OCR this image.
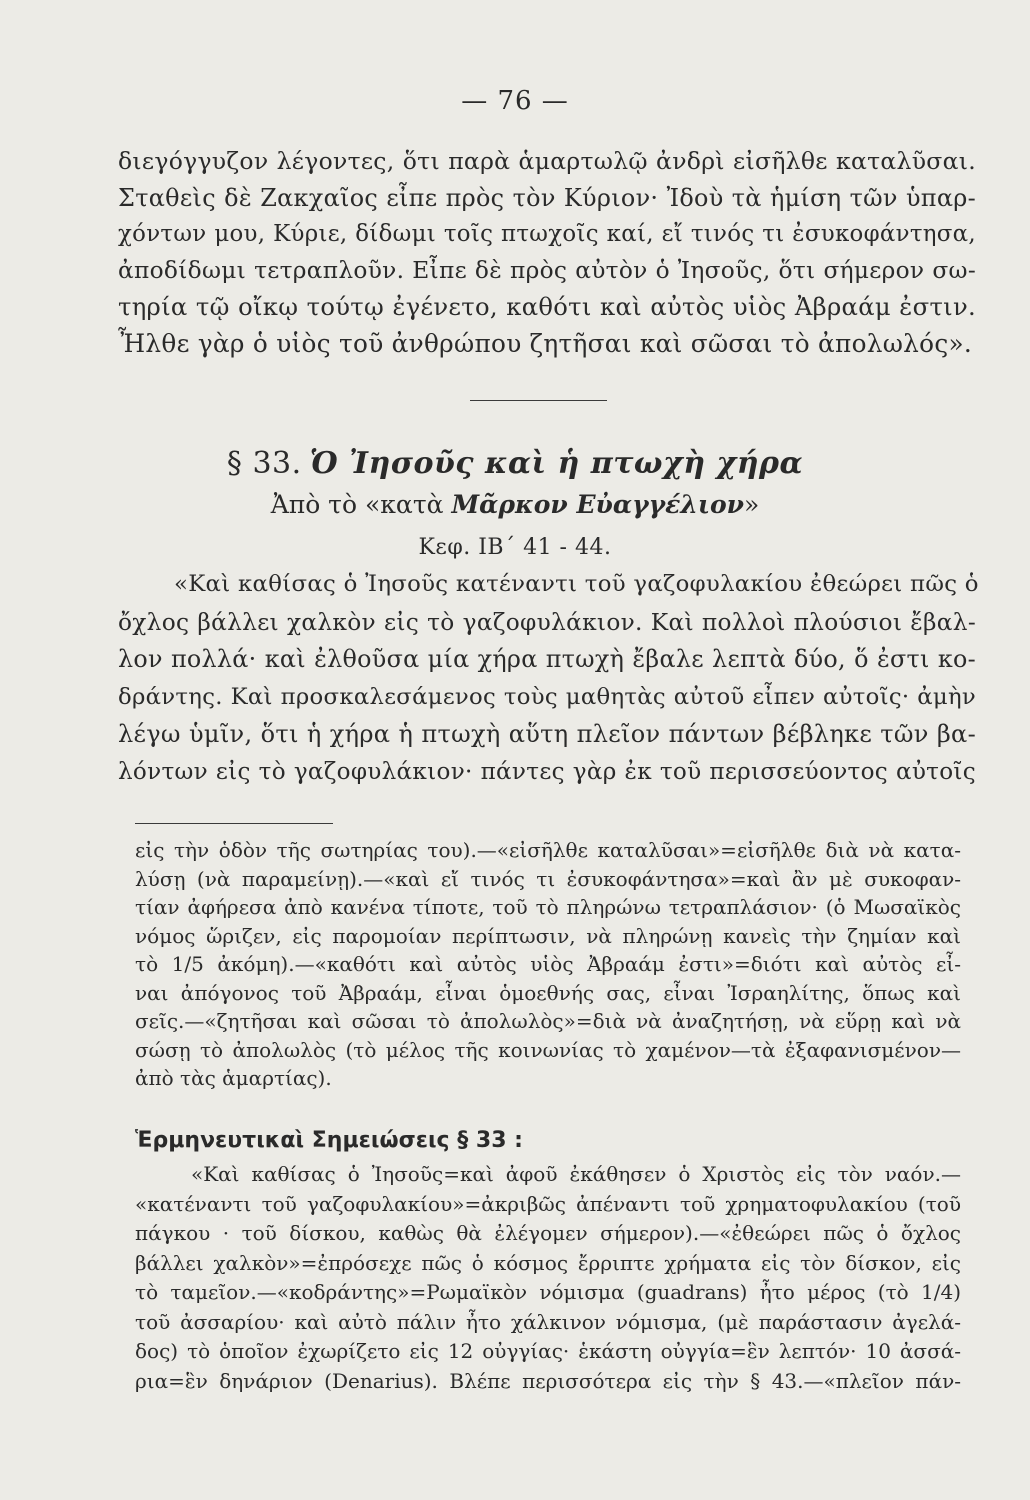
— 76 —
διεγόγγυζον λέγοντες, ὅτι παρὰ ἁμαρτωλῷ ἀνδρὶ εἰσῆλθε καταλῦσαι.
Σταθεὶς δὲ Ζακχαῖος εἶπε πρὸς τὸν Κύριον· Ἰδοὺ τὰ ἡμίση τῶν ὑπαρ-
χόντων μου, Κύριε, δίδωμι τοῖς πτωχοῖς καί, εἴ τινός τι ἐσυκοφάντησα,
ἀποδίδωμι τετραπλοῦν. Εἶπε δὲ πρὸς αὐτὸν ὁ Ἰησοῦς, ὅτι σήμερον σω-
τηρία τῷ οἴκῳ τούτῳ ἐγένετο, καθότι καὶ αὐτὸς υἱὸς Ἀβραάμ ἐστιν.
Ἦλθε γὰρ ὁ υἱὸς τοῦ ἀνθρώπου ζητῆσαι καὶ σῶσαι τὸ ἀπολωλός».
§ 33. Ὁ Ἰησοῦς καὶ ἡ πτωχὴ χήρα
Ἀπὸ τὸ «κατὰ Μᾶρκον Εὐαγγέλιον»
Κεφ. ΙΒ΄ 41 - 44.
«Καὶ καθίσας ὁ Ἰησοῦς κατέναντι τοῦ γαζοφυλακίου ἐθεώρει πῶς ὁ
ὄχλος βάλλει χαλκὸν εἰς τὸ γαζοφυλάκιον. Καὶ πολλοὶ πλούσιοι ἔβαλ-
λον πολλά· καὶ ἐλθοῦσα μία χήρα πτωχὴ ἔβαλε λεπτὰ δύο, ὅ ἐστι κο-
δράντης. Καὶ προσκαλεσάμενος τοὺς μαθητὰς αὐτοῦ εἶπεν αὐτοῖς· ἀμὴν
λέγω ὑμῖν, ὅτι ἡ χήρα ἡ πτωχὴ αὕτη πλεῖον πάντων βέβληκε τῶν βα-
λόντων εἰς τὸ γαζοφυλάκιον· πάντες γὰρ ἐκ τοῦ περισσεύοντος αὐτοῖς
εἰς τὴν ὁδὸν τῆς σωτηρίας του).—«εἰσῆλθε καταλῦσαι»=εἰσῆλθε διὰ νὰ κατα-
λύσῃ (νὰ παραμείνῃ).—«καὶ εἴ τινός τι ἐσυκοφάντησα»=καὶ ἂν μὲ συκοφαν-
τίαν ἀφήρεσα ἀπὸ κανένα τίποτε, τοῦ τὸ πληρώνω τετραπλάσιον· (ὁ Μωσαϊκὸς
νόμος ὥριζεν, εἰς παρομοίαν περίπτωσιν, νὰ πληρώνῃ κανεὶς τὴν ζημίαν καὶ
τὸ 1/5 ἀκόμη).—«καθότι καὶ αὐτὸς υἱὸς Ἀβραάμ ἐστι»=διότι καὶ αὐτὸς εἶ-
ναι ἀπόγονος τοῦ Ἀβραάμ, εἶναι ὁμοεθνής σας, εἶναι Ἰσραηλίτης, ὅπως καὶ
σεῖς.—«ζητῆσαι καὶ σῶσαι τὸ ἀπολωλὸς»=διὰ νὰ ἀναζητήσῃ, νὰ εὕρῃ καὶ νὰ
σώσῃ τὸ ἀπολωλὸς (τὸ μέλος τῆς κοινωνίας τὸ χαμένον—τὰ ἐξαφανισμένον—
ἀπὸ τὰς ἁμαρτίας).
Ἑρμηνευτικαὶ Σημειώσεις § 33 :
«Καὶ καθίσας ὁ Ἰησοῦς=καὶ ἀφοῦ ἐκάθησεν ὁ Χριστὸς εἰς τὸν ναόν.—
«κατέναντι τοῦ γαζοφυλακίου»=ἀκριβῶς ἀπέναντι τοῦ χρηματοφυλακίου (τοῦ
πάγκου · τοῦ δίσκου, καθὼς θὰ ἐλέγομεν σήμερον).—«ἐθεώρει πῶς ὁ ὄχλος
βάλλει χαλκὸν»=ἐπρόσεχε πῶς ὁ κόσμος ἔρριπτε χρήματα εἰς τὸν δίσκον, εἰς
τὸ ταμεῖον.—«κοδράντης»=Ρωμαϊκὸν νόμισμα (guadrans) ἦτο μέρος (τὸ 1/4)
τοῦ ἀσσαρίου· καὶ αὐτὸ πάλιν ἦτο χάλκινον νόμισμα, (μὲ παράστασιν ἀγελά-
δος) τὸ ὁποῖον ἐχωρίζετο εἰς 12 οὐγγίας· ἑκάστη οὐγγία=ἓν λεπτόν· 10 ἀσσά-
ρια=ἓν δηνάριον (Denarius). Βλέπε περισσότερα εἰς τὴν § 43.—«πλεῖον πάν-
